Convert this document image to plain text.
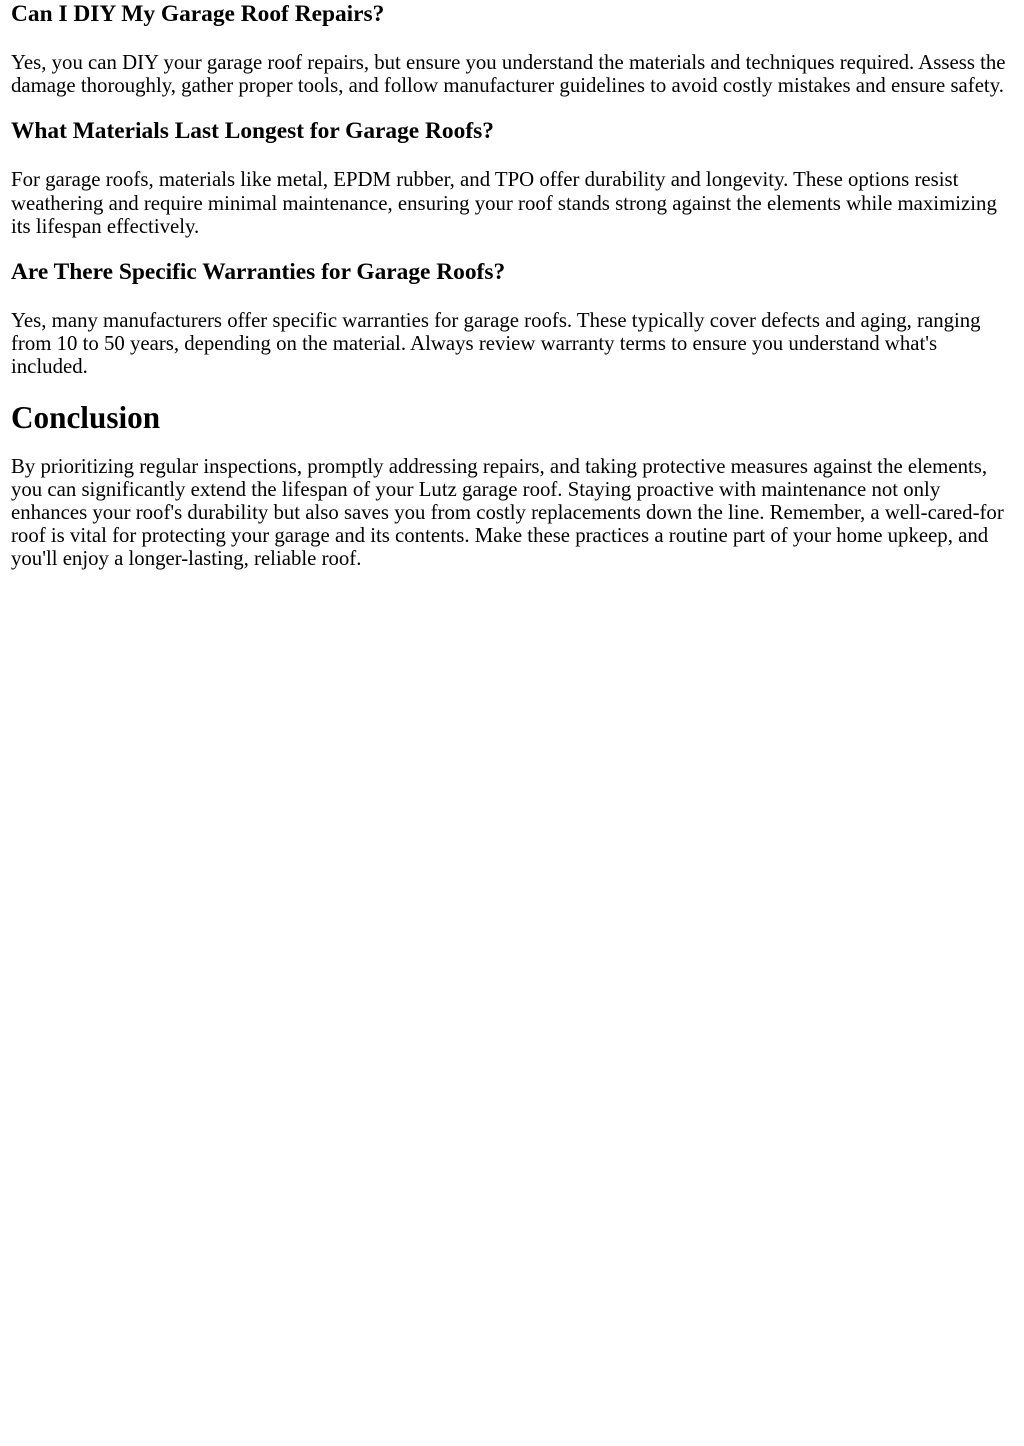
Can I DIY My Garage Roof Repairs?

Yes, you can DIY your garage roof repairs, but ensure you understand the materials and techniques required. Assess the damage thoroughly, gather proper tools, and follow manufacturer guidelines to avoid costly mistakes and ensure safety.

What Materials Last Longest for Garage Roofs?

For garage roofs, materials like metal, EPDM rubber, and TPO offer durability and longevity. These options resist weathering and require minimal maintenance, ensuring your roof stands strong against the elements while maximizing its lifespan effectively.

Are There Specific Warranties for Garage Roofs?

Yes, many manufacturers offer specific warranties for garage roofs. These typically cover defects and aging, ranging from 10 to 50 years, depending on the material. Always review warranty terms to ensure you understand what's included.

Conclusion

By prioritizing regular inspections, promptly addressing repairs, and taking protective measures against the elements, you can significantly extend the lifespan of your Lutz garage roof. Staying proactive with maintenance not only enhances your roof's durability but also saves you from costly replacements down the line. Remember, a well-cared-for roof is vital for protecting your garage and its contents. Make these practices a routine part of your home upkeep, and you'll enjoy a longer-lasting, reliable roof.
